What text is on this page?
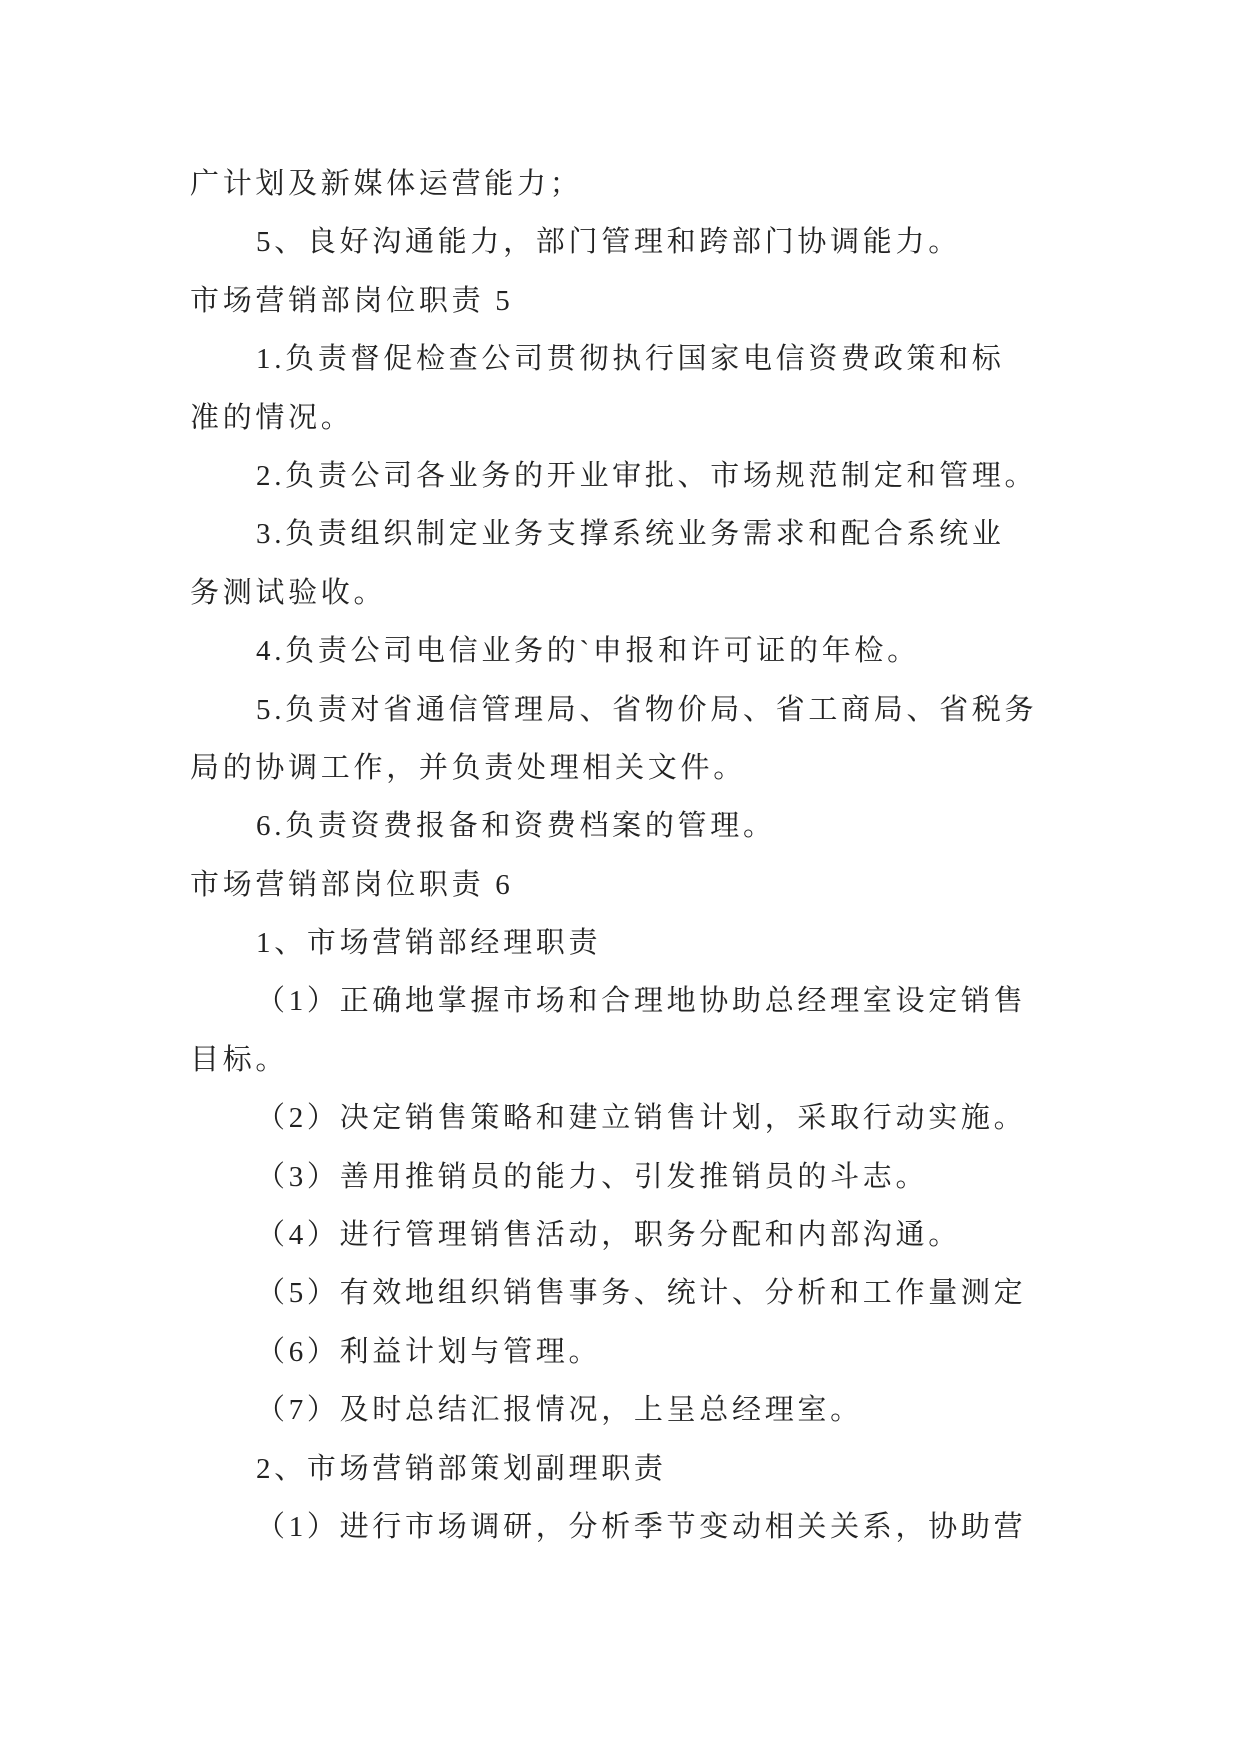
广计划及新媒体运营能力；
5、良好沟通能力，部门管理和跨部门协调能力。
市场营销部岗位职责 5
1.负责督促检查公司贯彻执行国家电信资费政策和标
准的情况。
2.负责公司各业务的开业审批、市场规范制定和管理。
3.负责组织制定业务支撑系统业务需求和配合系统业
务测试验收。
4.负责公司电信业务的`申报和许可证的年检。
5.负责对省通信管理局、省物价局、省工商局、省税务
局的协调工作，并负责处理相关文件。
6.负责资费报备和资费档案的管理。
市场营销部岗位职责 6
1、市场营销部经理职责
（1）正确地掌握市场和合理地协助总经理室设定销售
目标。
（2）决定销售策略和建立销售计划，采取行动实施。
（3）善用推销员的能力、引发推销员的斗志。
（4）进行管理销售活动，职务分配和内部沟通。
（5）有效地组织销售事务、统计、分析和工作量测定
（6）利益计划与管理。
（7）及时总结汇报情况，上呈总经理室。
2、市场营销部策划副理职责
（1）进行市场调研，分析季节变动相关关系，协助营
